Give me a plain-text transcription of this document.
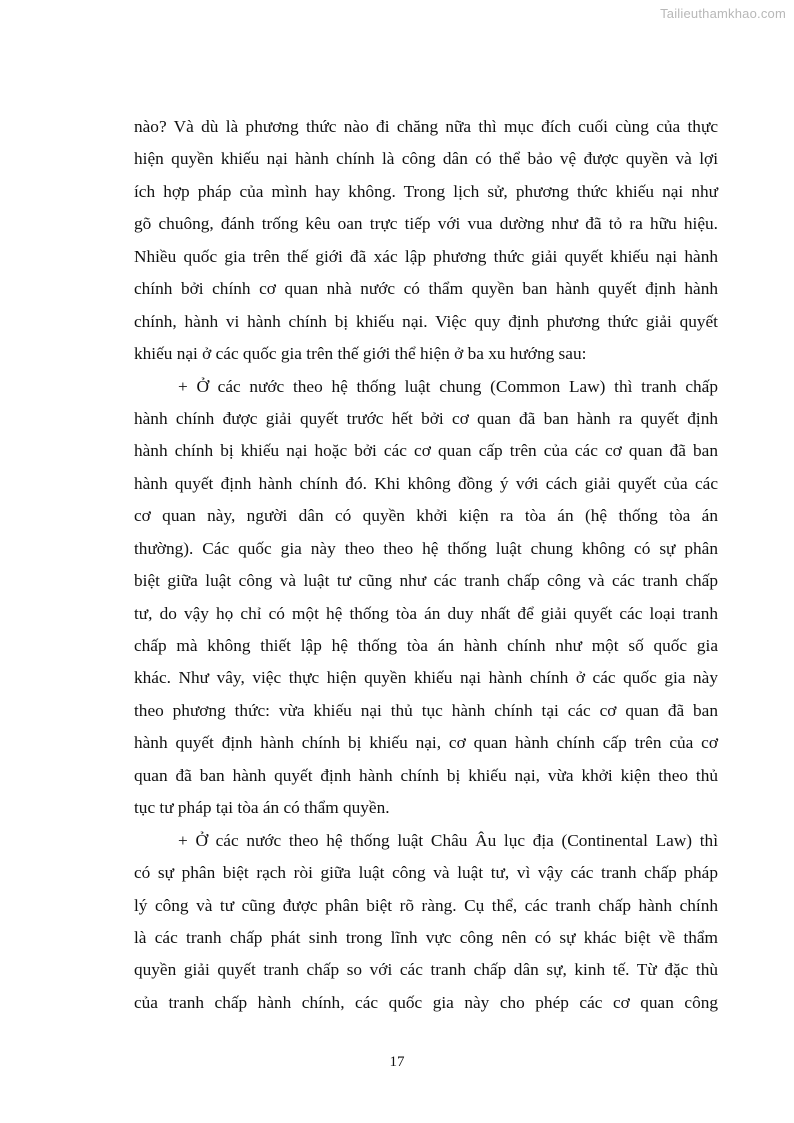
Tailieuthamkhao.com
nào? Và dù là phương thức nào đi chăng nữa thì mục đích cuối cùng của thực
hiện quyền khiếu nại hành chính là công dân có thể bảo vệ được quyền và lợi
ích hợp pháp của mình hay không. Trong lịch sử, phương thức khiếu nại như
gõ chuông, đánh trống kêu oan trực tiếp với vua dường như đã tỏ ra hữu hiệu.
Nhiều quốc gia trên thế giới đã xác lập phương thức giải quyết khiếu nại hành
chính bởi chính cơ quan nhà nước có thẩm quyền ban hành quyết định hành
chính, hành vi hành chính bị khiếu nại. Việc quy định phương thức giải quyết
khiếu nại ở các quốc gia trên thế giới thể hiện ở ba xu hướng sau:
+ Ở các nước theo hệ thống luật chung (Common Law) thì tranh chấp
hành chính được giải quyết trước hết bởi cơ quan đã ban hành ra quyết định
hành chính bị khiếu nại hoặc bởi các cơ quan cấp trên của các cơ quan đã ban
hành quyết định hành chính đó. Khi không đồng ý với cách giải quyết của các
cơ quan này, người dân có quyền khởi kiện ra tòa án (hệ thống tòa án
thường). Các quốc gia này theo theo hệ thống luật chung không có sự phân
biệt giữa luật công và luật tư cũng như các tranh chấp công và các tranh chấp
tư, do vậy họ chỉ có một hệ thống tòa án duy nhất để giải quyết các loại tranh
chấp mà không thiết lập hệ thống tòa án hành chính như một số quốc gia
khác. Như vây, việc thực hiện quyền khiếu nại hành chính ở các quốc gia này
theo phương thức: vừa khiếu nại thủ tục hành chính tại các cơ quan đã ban
hành quyết định hành chính bị khiếu nại, cơ quan hành chính cấp trên của cơ
quan đã ban hành quyết định hành chính bị khiếu nại, vừa khởi kiện theo thủ
tục tư pháp tại tòa án có thẩm quyền.
+ Ở các nước theo hệ thống luật Châu Âu lục địa (Continental Law) thì
có sự phân biệt rạch ròi giữa luật công và luật tư, vì vậy các tranh chấp pháp
lý công và tư cũng được phân biệt rõ ràng. Cụ thể, các tranh chấp hành chính
là các tranh chấp phát sinh trong lĩnh vực công nên có sự khác biệt về thẩm
quyền giải quyết tranh chấp so với các tranh chấp dân sự, kinh tế. Từ đặc thù
của tranh chấp hành chính, các quốc gia này cho phép các cơ quan công
17
